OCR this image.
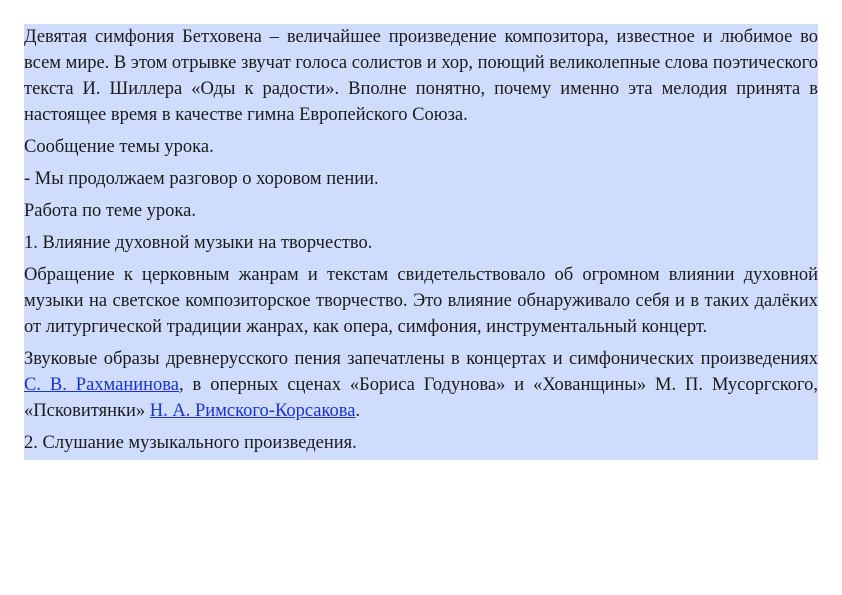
Девятая симфония Бетховена – величайшее произведение композитора, известное и любимое во всем мире. В этом отрывке звучат голоса солистов и хор, поющий великолепные слова поэтического текста И. Шиллера «Оды к радости». Вполне понятно, почему именно эта мелодия принята в настоящее время в качестве гимна Европейского Союза.

Сообщение темы урока.

- Мы продолжаем разговор о хоровом пении.

Работа по теме урока.

1. Влияние духовной музыки на творчество.

Обращение к церковным жанрам и текстам свидетельствовало об огромном влиянии духовной музыки на светское композиторское творчество. Это влияние обнаруживало себя и в таких далёких от литургической традиции жанрах, как опера, симфония, инструментальный концерт.

Звуковые образы древнерусского пения запечатлены в концертах и симфонических произведениях С. В. Рахманинова, в оперных сценах «Бориса Годунова» и «Хованщины» М. П. Мусоргского, «Псковитянки» Н. А. Римского-Корсакова.

2. Слушание музыкального произведения.
